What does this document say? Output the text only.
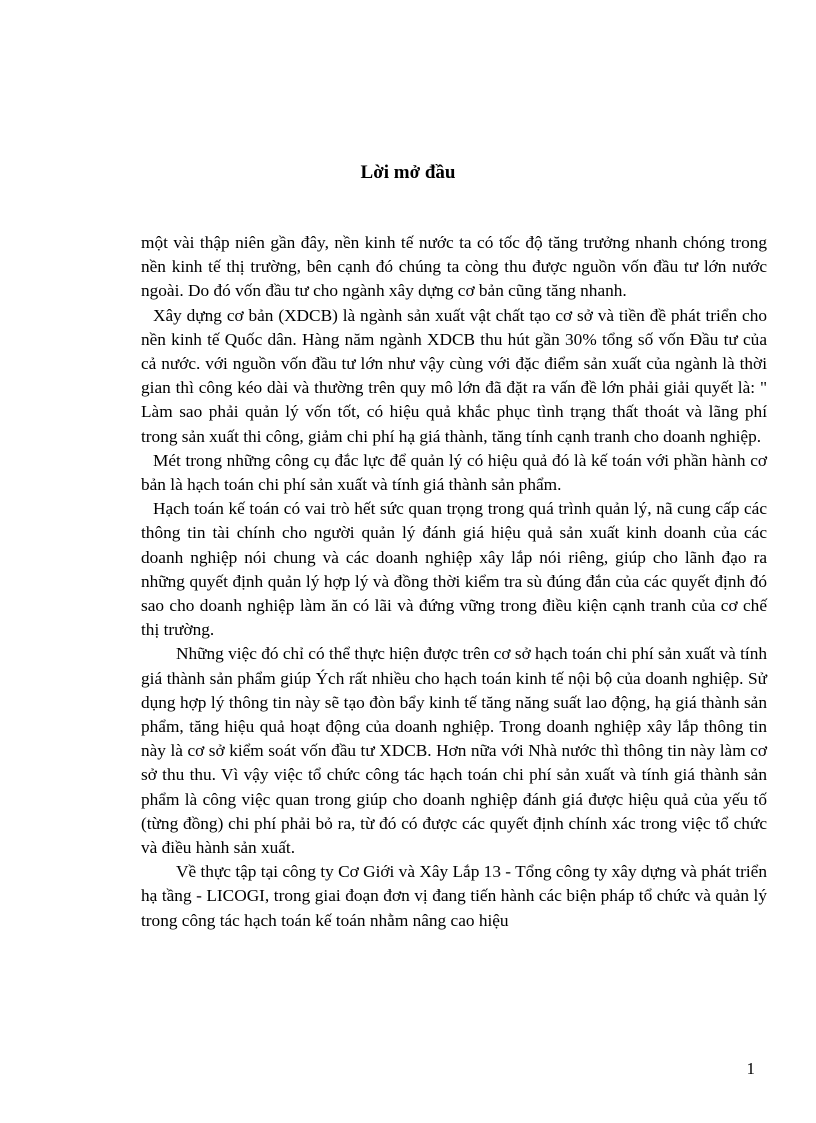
Lời mở đầu

một vài thập niên gần đây, nền kinh tế nước ta có tốc độ tăng trưởng nhanh chóng trong nền kinh tế thị trường, bên cạnh đó chúng ta còng thu được nguồn vốn đầu tư lớn nước ngoài. Do đó vốn đầu tư cho ngành xây dựng cơ bản cũng tăng nhanh.

Xây dựng cơ bản (XDCB) là ngành sản xuất vật chất tạo cơ sở và tiền đề phát triển cho nền kinh tế Quốc dân. Hàng năm ngành XDCB thu hút gần 30% tổng số vốn Đầu tư của cả nước. với nguồn vốn đầu tư lớn như vậy cùng với đặc điểm sản xuất của ngành là thời gian thì công kéo dài và thường trên quy mô lớn đã đặt ra vấn đề lớn phải giải quyết là: " Làm sao phải quản lý vốn tốt, có hiệu quả khắc phục tình trạng thất thoát và lãng phí trong sản xuất thi công, giảm chi phí hạ giá thành, tăng tính cạnh tranh cho doanh nghiệp.

Mét trong những công cụ đắc lực để quản lý có hiệu quả đó là kế toán với phần hành cơ bản là hạch toán chi phí sản xuất và tính giá thành sản phẩm.

Hạch toán kế toán có vai trò hết sức quan trọng trong quá trình quản lý, nã cung cấp các thông tin tài chính cho người quản lý đánh giá hiệu quả sản xuất kinh doanh của các doanh nghiệp nói chung và các doanh nghiệp xây lắp nói riêng, giúp cho lãnh đạo ra những quyết định quản lý hợp lý và đồng thời kiểm tra sù đúng đắn của các quyết định đó sao cho doanh nghiệp làm ăn có lãi và đứng vững trong điều kiện cạnh tranh của cơ chế thị trường.

Những việc đó chỉ có thể thực hiện được trên cơ sở hạch toán chi phí sản xuất và tính giá thành sản phẩm giúp Ých rất nhiều cho hạch toán kinh tế nội bộ của doanh nghiệp. Sử dụng hợp lý thông tin này sẽ tạo đòn bẩy kinh tế tăng năng suất lao động, hạ giá thành sản phẩm, tăng hiệu quả hoạt động của doanh nghiệp. Trong doanh nghiệp xây lắp thông tin này là cơ sở kiểm soát vốn đầu tư XDCB. Hơn nữa với Nhà nước thì thông tin này làm cơ sở thu thu. Vì vậy việc tổ chức công tác hạch toán chi phí sản xuất và tính giá thành sản phẩm là công việc quan trong giúp cho doanh nghiệp đánh giá được hiệu quả của yếu tố (từng đồng) chi phí phải bỏ ra, từ đó có được các quyết định chính xác trong việc tổ chức và điều hành sản xuất.

Về thực tập tại công ty Cơ Giới và Xây Lắp 13 - Tổng công ty xây dựng và phát triển hạ tầng - LICOGI, trong giai đoạn đơn vị đang tiến hành các biện pháp tổ chức và quản lý trong công tác hạch toán kế toán nhằm nâng cao hiệu

1
